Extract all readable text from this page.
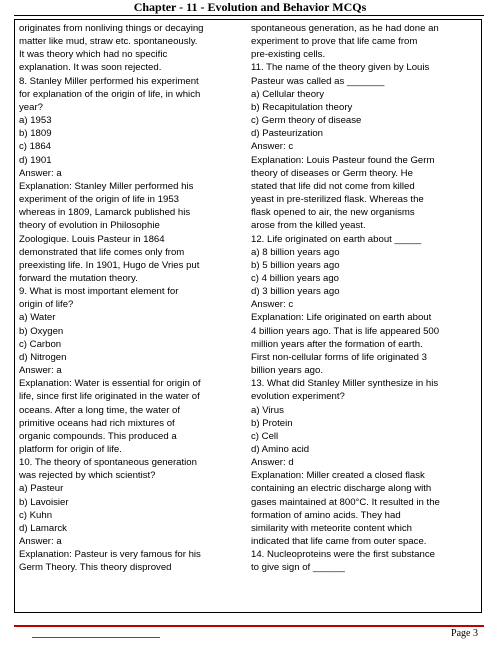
Chapter - 11 - Evolution and Behavior MCQs
originates from nonliving things or decaying
matter like mud, straw etc. spontaneously.
It was theory which had no specific
explanation. It was soon rejected.
8. Stanley Miller performed his experiment
for explanation of the origin of life, in which
year?
a) 1953
b) 1809
c) 1864
d) 1901
Answer: a
Explanation: Stanley Miller performed his
experiment of the origin of life in 1953
whereas in 1809, Lamarck published his
theory of evolution in Philosophie
Zoologique. Louis Pasteur in 1864
demonstrated that life comes only from
preexisting life. In 1901, Hugo de Vries put
forward the mutation theory.
9. What is most important element for
origin of life?
a) Water
b) Oxygen
c) Carbon
d) Nitrogen
Answer: a
Explanation: Water is essential for origin of
life, since first life originated in the water of
oceans. After a long time, the water of
primitive oceans had rich mixtures of
organic compounds. This produced a
platform for origin of life.
10. The theory of spontaneous generation
was rejected by which scientist?
a) Pasteur
b) Lavoisier
c) Kuhn
d) Lamarck
Answer: a
Explanation: Pasteur is very famous for his
Germ Theory. This theory disproved
spontaneous generation, as he had done an
experiment to prove that life came from
pre-existing cells.
11. The name of the theory given by Louis
Pasteur was called as _______
a) Cellular theory
b) Recapitulation theory
c) Germ theory of disease
d) Pasteurization
Answer: c
Explanation: Louis Pasteur found the Germ
theory of diseases or Germ theory. He
stated that life did not come from killed
yeast in pre-sterilized flask. Whereas the
flask opened to air, the new organisms
arose from the killed yeast.
12. Life originated on earth about _____
a) 8 billion years ago
b) 5 billion years ago
c) 4 billion years ago
d) 3 billion years ago
Answer: c
Explanation: Life originated on earth about
4 billion years ago. That is life appeared 500
million years after the formation of earth.
First non-cellular forms of life originated 3
billion years ago.
13. What did Stanley Miller synthesize in his
evolution experiment?
a) Virus
b) Protein
c) Cell
d) Amino acid
Answer: d
Explanation: Miller created a closed flask
containing an electric discharge along with
gases maintained at 800°C. It resulted in the
formation of amino acids. They had
similarity with meteorite content which
indicated that life came from outer space.
14. Nucleoproteins were the first substance
to give sign of ______
Page 3
